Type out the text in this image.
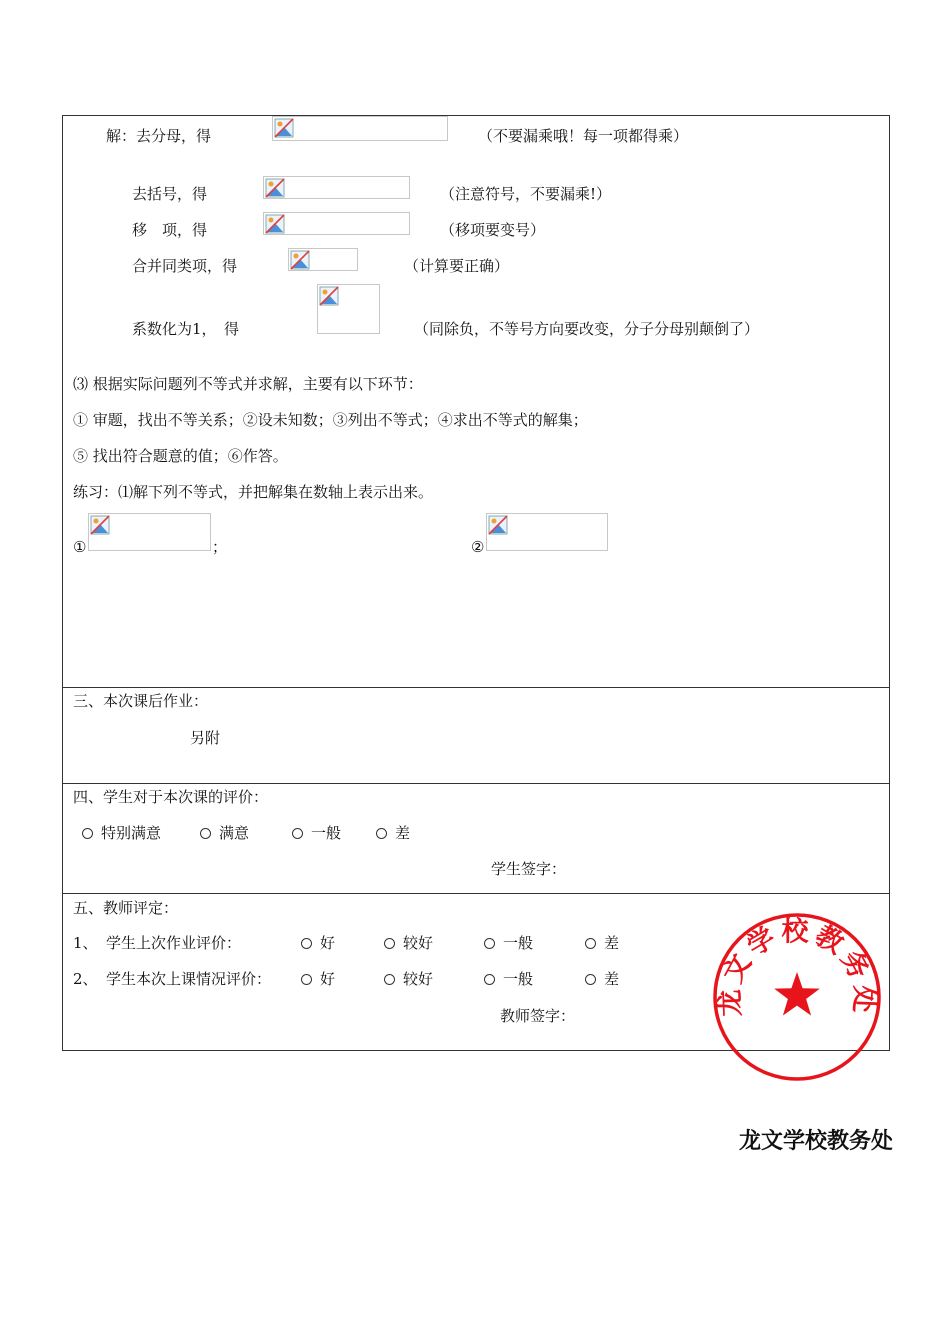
解：去分母，得	（不要漏乘哦！每一项都得乘）
去括号，得	（注意符号，不要漏乘!）
移　项，得	（移项要变号）
合并同类项，得	（计算要正确）
系数化为1，　得	（同除负，不等号方向要改变，分子分母别颠倒了）
⑶ 根据实际问题列不等式并求解，主要有以下环节：
① 审题，找出不等关系；②设未知数；③列出不等式；④求出不等式的解集；
⑤ 找出符合题意的值；⑥作答。
练习：⑴解下列不等式，并把解集在数轴上表示出来。
①	；	②
三、本次课后作业：
另附
四、学生对于本次课的评价：
特别满意	满意	一般	差
学生签字：
五、教师评定：
1、 学生上次作业评价：	好	较好	一般	差
2、 学生本次上课情况评价：	好	较好	一般	差
教师签字：	龙文学校教务处
龙文学校教务处
